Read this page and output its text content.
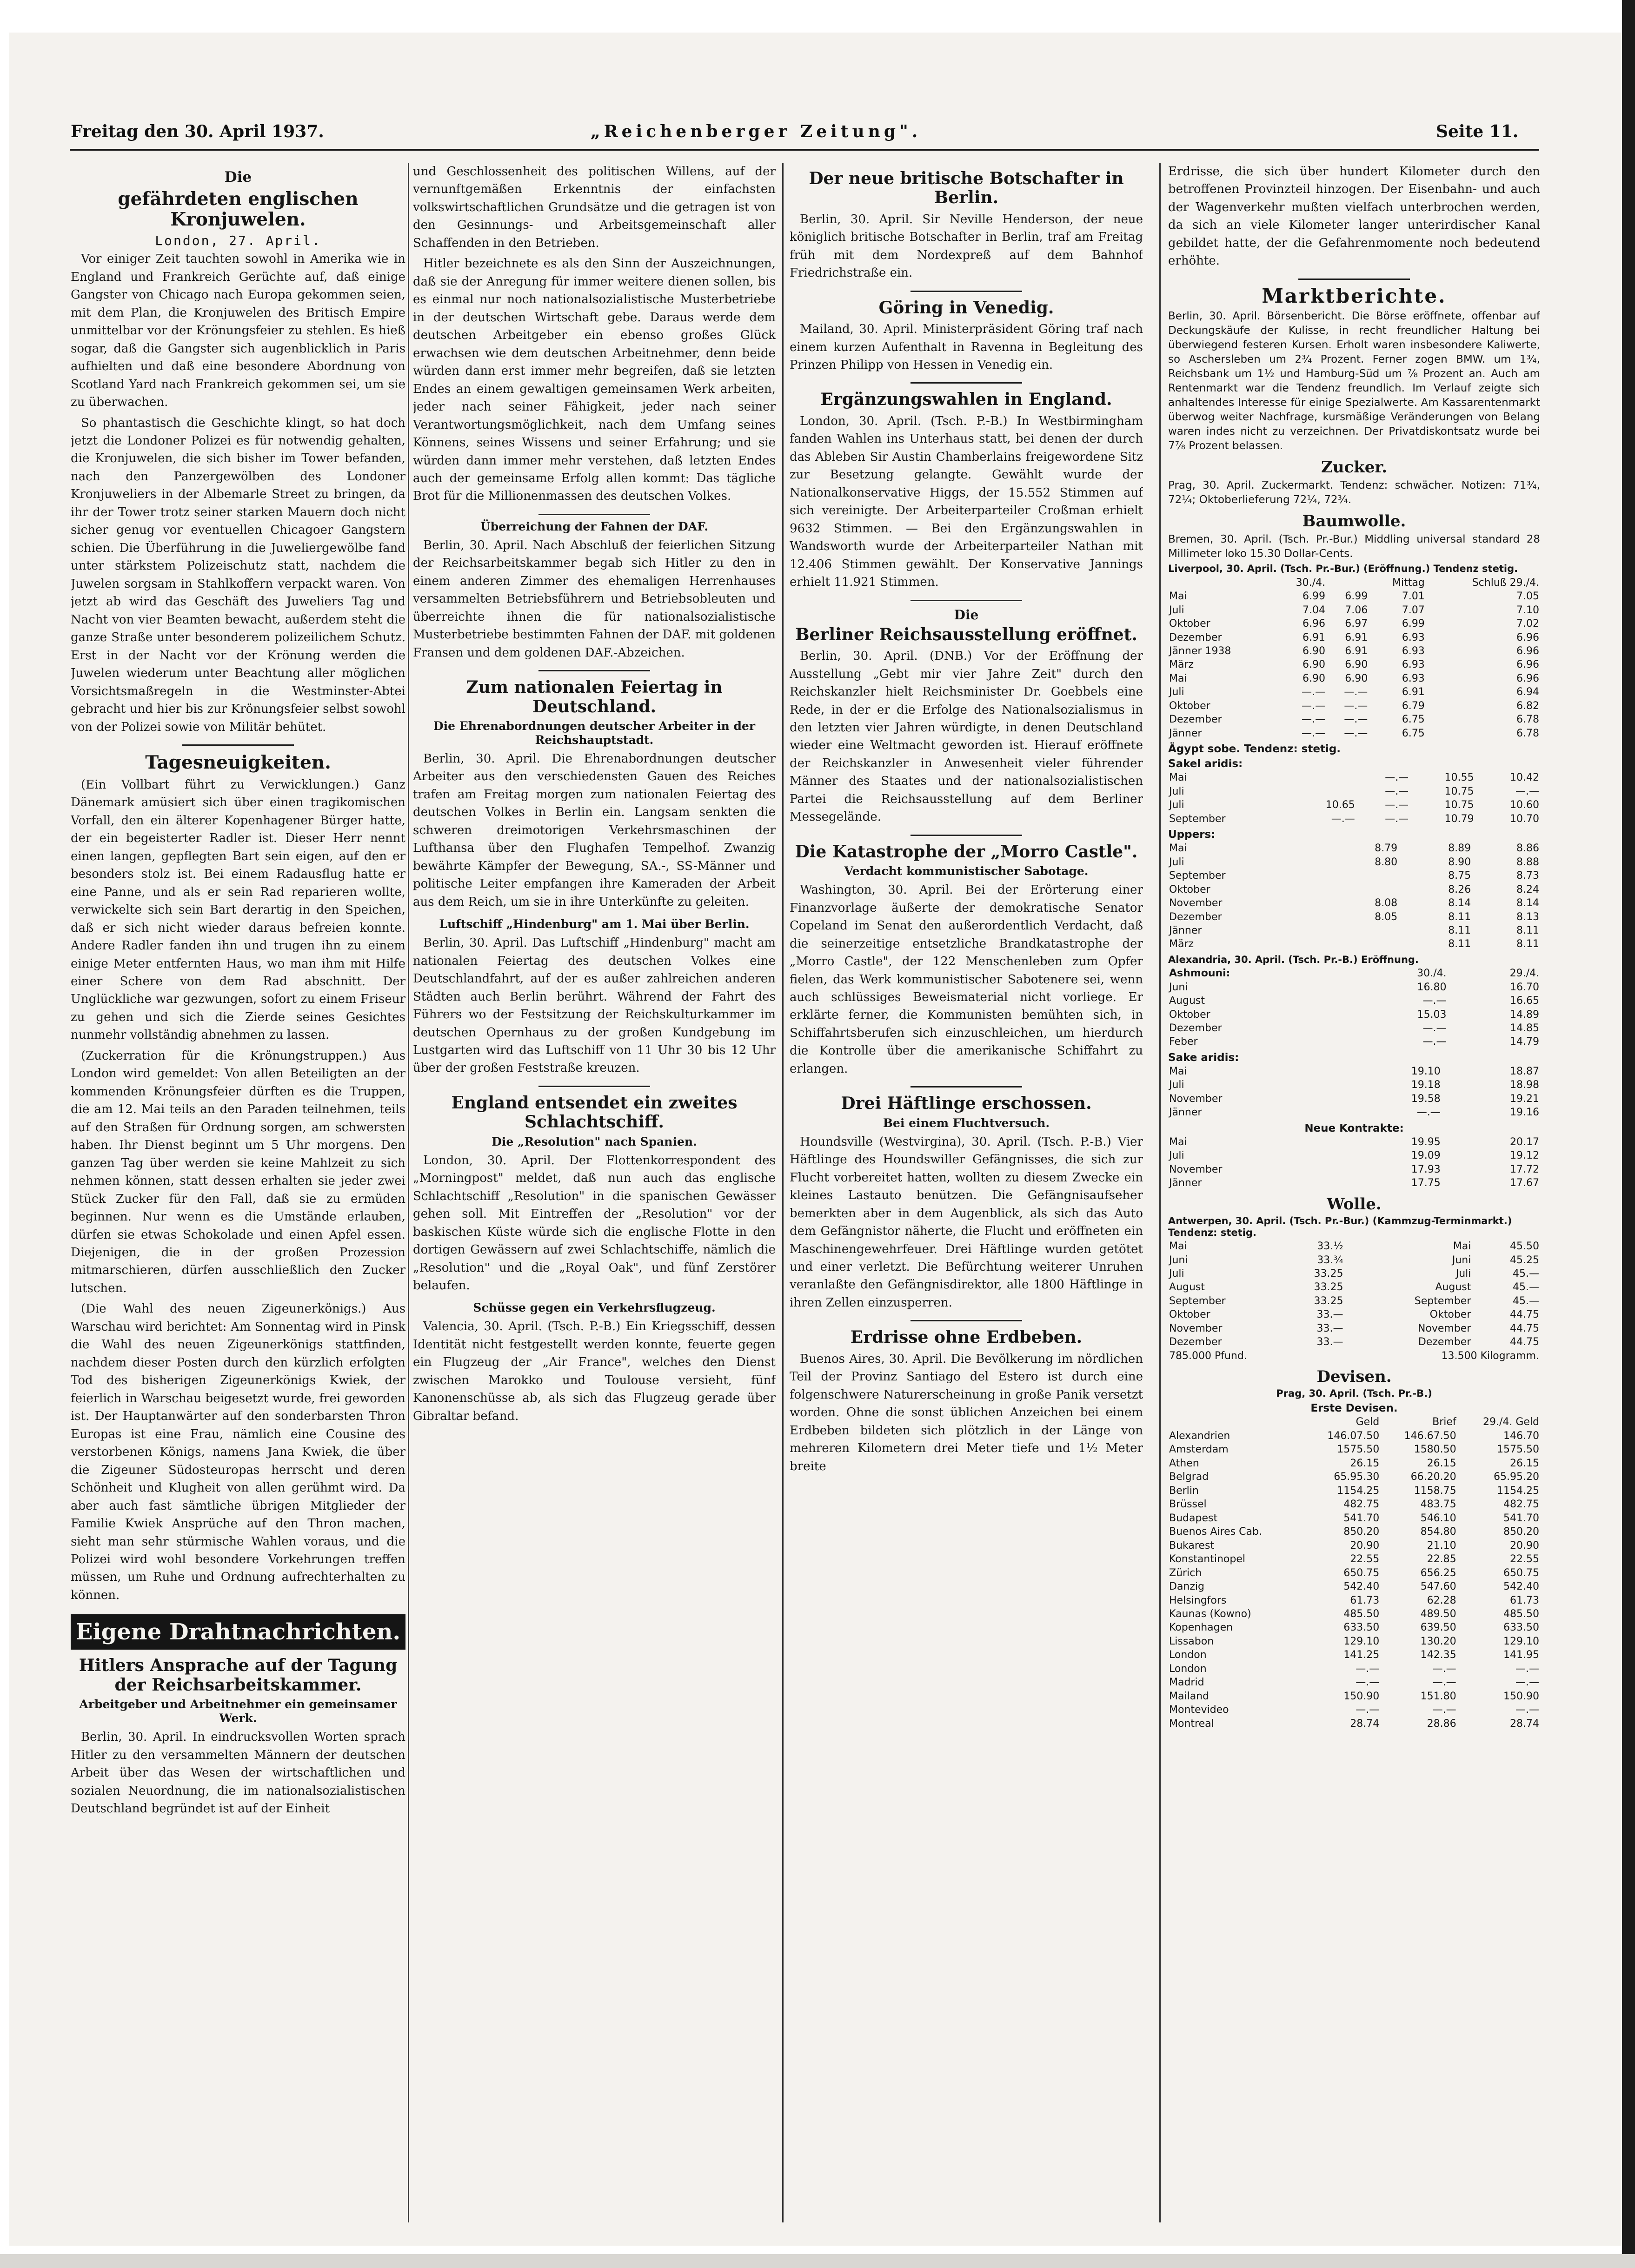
Freitag den 30. April 1937.	„Reichenberger Zeitung".	Seite 11.
Die
gefährdeten englischen Kronjuwelen.
London, 27. April.

Vor einiger Zeit tauchten sowohl in Amerika wie in England und Frankreich Gerüchte auf, daß einige Gangster von Chicago nach Europa gekommen seien, mit dem Plan, die Kronjuwelen des Britisch Empire unmittelbar vor der Krönungsfeier zu stehlen. Es hieß sogar, daß die Gangster sich augenblicklich in Paris aufhielten und daß eine besondere Abordnung von Scotland Yard nach Frankreich gekommen sei, um sie zu überwachen.

So phantastisch die Geschichte klingt, so hat doch jetzt die Londoner Polizei es für notwendig gehalten, die Kronjuwelen, die sich bisher im Tower befanden, nach den Panzergewölben des Londoner Kronjuweliers in der Albemarle Street zu bringen, da ihr der Tower trotz seiner starken Mauern doch nicht sicher genug vor eventuellen Chicagoer Gangstern schien. Die Überführung in die Juweliergewölbe fand unter stärkstem Polizeischutz statt, nachdem die Juwelen sorgsam in Stahlkoffern verpackt waren. Von jetzt ab wird das Geschäft des Juweliers Tag und Nacht von vier Beamten bewacht, außerdem steht die ganze Straße unter besonderem polizeilichem Schutz. Erst in der Nacht vor der Krönung werden die Juwelen wiederum unter Beachtung aller möglichen Vorsichtsmaßregeln in die Westminster-Abtei gebracht und hier bis zur Krönungsfeier selbst sowohl von der Polizei sowie von Militär behütet.

Tagesneuigkeiten.

(Ein Vollbart führt zu Verwicklungen.) Ganz Dänemark amüsiert sich über einen tragikomischen Vorfall, den ein älterer Kopenhagener Bürger hatte, der ein begeisterter Radler ist. Dieser Herr nennt einen langen, gepflegten Bart sein eigen, auf den er besonders stolz ist. Bei einem Radausflug hatte er eine Panne, und als er sein Rad reparieren wollte, verwickelte sich sein Bart derartig in den Speichen, daß er sich nicht wieder daraus befreien konnte. Andere Radler fanden ihn und trugen ihn zu einem einige Meter entfernten Haus, wo man ihm mit Hilfe einer Schere von dem Rad abschnitt. Der Unglückliche war gezwungen, sofort zu einem Friseur zu gehen und sich die Zierde seines Gesichtes nunmehr vollständig abnehmen zu lassen.

(Zuckerration für die Krönungstruppen.) Aus London wird gemeldet: Von allen Beteiligten an der kommenden Krönungsfeier dürften es die Truppen, die am 12. Mai teils an den Paraden teilnehmen, teils auf den Straßen für Ordnung sorgen, am schwersten haben. Ihr Dienst beginnt um 5 Uhr morgens. Den ganzen Tag über werden sie keine Mahlzeit zu sich nehmen können, statt dessen erhalten sie jeder zwei Stück Zucker für den Fall, daß sie zu ermüden beginnen. Nur wenn es die Umstände erlauben, dürfen sie etwas Schokolade und einen Apfel essen. Diejenigen, die in der großen Prozession mitmarschieren, dürfen ausschließlich den Zucker lutschen.

(Die Wahl des neuen Zigeunerkönigs.) Aus Warschau wird berichtet: Am Sonnentag wird in Pinsk die Wahl des neuen Zigeunerkönigs stattfinden, nachdem dieser Posten durch den kürzlich erfolgten Tod des bisherigen Zigeunerkönigs Kwiek, der feierlich in Warschau beigesetzt wurde, frei geworden ist. Der Hauptanwärter auf den sonderbarsten Thron Europas ist eine Frau, nämlich eine Cousine des verstorbenen Königs, namens Jana Kwiek, die über die Zigeuner Südosteuropas herrscht und deren Schönheit und Klugheit von allen gerühmt wird. Da aber auch fast sämtliche übrigen Mitglieder der Familie Kwiek Ansprüche auf den Thron machen, sieht man sehr stürmische Wahlen voraus, und die Polizei wird wohl besondere Vorkehrungen treffen müssen, um Ruhe und Ordnung aufrechterhalten zu können.

Eigene Drahtnachrichten.
Hitlers Ansprache auf der Tagung der Reichsarbeitskammer.
Arbeitgeber und Arbeitnehmer ein gemeinsamer Werk.

Berlin, 30. April. In eindrucksvollen Worten sprach Hitler zu den versammelten Männern der deutschen Arbeit über das Wesen der wirtschaftlichen und sozialen Neuordnung, die im nationalsozialistischen Deutschland begründet ist auf der Einheit

und Geschlossenheit des politischen Willens, auf der vernunftgemäßen Erkenntnis der einfachsten volkswirtschaftlichen Grundsätze und die getragen ist von den Gesinnungs- und Arbeitsgemeinschaft aller Schaffenden in den Betrieben.

Hitler bezeichnete es als den Sinn der Auszeichnungen, daß sie der Anregung für immer weitere dienen sollen, bis es einmal nur noch nationalsozialistische Musterbetriebe in der deutschen Wirtschaft gebe. Daraus werde dem deutschen Arbeitgeber ein ebenso großes Glück erwachsen wie dem deutschen Arbeitnehmer, denn beide würden dann erst immer mehr begreifen, daß sie letzten Endes an einem gewaltigen gemeinsamen Werk arbeiten, jeder nach seiner Fähigkeit, jeder nach seiner Verantwortungsmöglichkeit, nach dem Umfang seines Könnens, seines Wissens und seiner Erfahrung; und sie würden dann immer mehr verstehen, daß letzten Endes auch der gemeinsame Erfolg allen kommt: Das tägliche Brot für die Millionenmassen des deutschen Volkes.

Überreichung der Fahnen der DAF.

Berlin, 30. April. Nach Abschluß der feierlichen Sitzung der Reichsarbeitskammer begab sich Hitler zu den in einem anderen Zimmer des ehemaligen Herrenhauses versammelten Betriebsführern und Betriebsobleuten und überreichte ihnen die für nationalsozialistische Musterbetriebe bestimmten Fahnen der DAF. mit goldenen Fransen und dem goldenen DAF.-Abzeichen.

Zum nationalen Feiertag in Deutschland.
Die Ehrenabordnungen deutscher Arbeiter in der Reichshauptstadt.

Berlin, 30. April. Die Ehrenabordnungen deutscher Arbeiter aus den verschiedensten Gauen des Reiches trafen am Freitag morgen zum nationalen Feiertag des deutschen Volkes in Berlin ein. Langsam senkten die schweren dreimotorigen Verkehrsmaschinen der Lufthansa über den Flughafen Tempelhof. Zwanzig bewährte Kämpfer der Bewegung, SA.-, SS-Männer und politische Leiter empfangen ihre Kameraden der Arbeit aus dem Reich, um sie in ihre Unterkünfte zu geleiten.

Luftschiff „Hindenburg" am 1. Mai über Berlin.

Berlin, 30. April. Das Luftschiff „Hindenburg" macht am nationalen Feiertag des deutschen Volkes eine Deutschlandfahrt, auf der es außer zahlreichen anderen Städten auch Berlin berührt. Während der Fahrt des Führers wo der Festsitzung der Reichskulturkammer im deutschen Opernhaus zu der großen Kundgebung im Lustgarten wird das Luftschiff von 11 Uhr 30 bis 12 Uhr über der großen Feststraße kreuzen.

England entsendet ein zweites Schlachtschiff.
Die „Resolution" nach Spanien.

London, 30. April. Der Flottenkorrespondent des „Morningpost" meldet, daß nun auch das englische Schlachtschiff „Resolution" in die spanischen Gewässer gehen soll. Mit Eintreffen der „Resolution" vor der baskischen Küste würde sich die englische Flotte in den dortigen Gewässern auf zwei Schlachtschiffe, nämlich die „Resolution" und die „Royal Oak", und fünf Zerstörer belaufen.

Schüsse gegen ein Verkehrsflugzeug.

Valencia, 30. April. (Tsch. P.-B.) Ein Kriegsschiff, dessen Identität nicht festgestellt werden konnte, feuerte gegen ein Flugzeug der „Air France", welches den Dienst zwischen Marokko und Toulouse versieht, fünf Kanonenschüsse ab, als sich das Flugzeug gerade über Gibraltar befand.

Der neue britische Botschafter in Berlin.

Berlin, 30. April. Sir Neville Henderson, der neue königlich britische Botschafter in Berlin, traf am Freitag früh mit dem Nordexpreß auf dem Bahnhof Friedrichstraße ein.

Göring in Venedig.

Mailand, 30. April. Ministerpräsident Göring traf nach einem kurzen Aufenthalt in Ravenna in Begleitung des Prinzen Philipp von Hessen in Venedig ein.

Ergänzungswahlen in England.

London, 30. April. (Tsch. P.-B.) In Westbirmingham fanden Wahlen ins Unterhaus statt, bei denen der durch das Ableben Sir Austin Chamberlains freigewordene Sitz zur Besetzung gelangte. Gewählt wurde der Nationalkonservative Higgs, der 15.552 Stimmen auf sich vereinigte. Der Arbeiterparteiler Croßman erhielt 9632 Stimmen. — Bei den Ergänzungswahlen in Wandsworth wurde der Arbeiterparteiler Nathan mit 12.406 Stimmen gewählt. Der Konservative Jannings erhielt 11.921 Stimmen.

Die
Berliner Reichsausstellung eröffnet.

Berlin, 30. April. (DNB.) Vor der Eröffnung der Ausstellung „Gebt mir vier Jahre Zeit" durch den Reichskanzler hielt Reichsminister Dr. Goebbels eine Rede, in der er die Erfolge des Nationalsozialismus in den letzten vier Jahren würdigte, in denen Deutschland wieder eine Weltmacht geworden ist. Hierauf eröffnete der Reichskanzler in Anwesenheit vieler führender Männer des Staates und der nationalsozialistischen Partei die Reichsausstellung auf dem Berliner Messegelände.

Die Katastrophe der „Morro Castle".
Verdacht kommunistischer Sabotage.

Washington, 30. April. Bei der Erörterung einer Finanzvorlage äußerte der demokratische Senator Copeland im Senat den außerordentlich Verdacht, daß die seinerzeitige entsetzliche Brandkatastrophe der „Morro Castle", der 122 Menschenleben zum Opfer fielen, das Werk kommunistischer Sabotenere sei, wenn auch schlüssiges Beweismaterial nicht vorliege. Er erklärte ferner, die Kommunisten bemühten sich, in Schiffahrtsberufen sich einzuschleichen, um hierdurch die Kontrolle über die amerikanische Schiffahrt zu erlangen.

Drei Häftlinge erschossen.
Bei einem Fluchtversuch.

Houndsville (Westvirgina), 30. April. (Tsch. P.-B.) Vier Häftlinge des Houndswiller Gefängnisses, die sich zur Flucht vorbereitet hatten, wollten zu diesem Zwecke ein kleines Lastauto benützen. Die Gefängnisaufseher bemerkten aber in dem Augenblick, als sich das Auto dem Gefängnistor näherte, die Flucht und eröffneten ein Maschinengewehrfeuer. Drei Häftlinge wurden getötet und einer verletzt. Die Befürchtung weiterer Unruhen veranlaßte den Gefängnisdirektor, alle 1800 Häftlinge in ihren Zellen einzusperren.

Erdrisse ohne Erdbeben.

Buenos Aires, 30. April. Die Bevölkerung im nördlichen Teil der Provinz Santiago del Estero ist durch eine folgenschwere Naturerscheinung in große Panik versetzt worden. Ohne die sonst üblichen Anzeichen bei einem Erdbeben bildeten sich plötzlich in der Länge von mehreren Kilometern drei Meter tiefe und 1½ Meter breite

Erdrisse, die sich über hundert Kilometer durch den betroffenen Provinzteil hinzogen. Der Eisenbahn- und auch der Wagenverkehr mußten vielfach unterbrochen werden, da sich an viele Kilometer langer unterirdischer Kanal gebildet hatte, der die Gefahrenmomente noch bedeutend erhöhte.

Marktberichte.

Berlin, 30. April. Börsenbericht. Die Börse eröffnete, offenbar auf Deckungskäufe der Kulisse, in recht freundlicher Haltung bei überwiegend festeren Kursen. Erholt waren insbesondere Kaliwerte, so Aschersleben um 2¾ Prozent. Ferner zogen BMW. um 1¾, Reichsbank um 1½ und Hamburg-Süd um ⅞ Prozent an. Auch am Rentenmarkt war die Tendenz freundlich. Im Verlauf zeigte sich anhaltendes Interesse für einige Spezialwerte. Am Kassarentenmarkt überwog weiter Nachfrage, kursmäßige Veränderungen von Belang waren indes nicht zu verzeichnen. Der Privatdiskontsatz wurde bei 7⅞ Prozent belassen.

Zucker.

Prag, 30. April. Zuckermarkt. Tendenz: schwächer. Notizen: 71¾, 72¼; Oktoberlieferung 72¼, 72¾.

Baumwolle.

Bremen, 30. April. (Tsch. Pr.-Bur.) Middling universal standard 28 Millimeter loko 15.30 Dollar-Cents.

Liverpool, 30. April. (Tsch. Pr.-Bur.) (Eröffnung.) Tendenz stetig.
	30./4.		Mittag	Schluß 29./4.
Mai	6.99	6.99	7.01	7.05
Juli	7.04	7.06	7.07	7.10
Oktober	6.96	6.97	6.99	7.02
Dezember	6.91	6.91	6.93	6.96
Jänner 1938	6.90	6.91	6.93	6.96
März	6.90	6.90	6.93	6.96
Mai	6.90	6.90	6.93	6.96
Juli	—.—	—.—	6.91	6.94
Oktober	—.—	—.—	6.79	6.82
Dezember	—.—	—.—	6.75	6.78
Jänner	—.—	—.—	6.75	6.78
Ägypt sobe. Tendenz: stetig.
Sakel aridis:
Mai		—.—	10.55	10.42
Juli		—.—	10.75	—.—
Juli	10.65	—.—	10.75	10.60
September	—.—	—.—	10.79	10.70
Uppers:
Mai	8.79		8.89	8.86
Juli	8.80		8.90	8.88
September			8.75	8.73
Oktober			8.26	8.24
November	8.08		8.14	8.14
Dezember	8.05		8.11	8.13
Jänner			8.11	8.11
März			8.11	8.11
Alexandria, 30. April. (Tsch. Pr.-B.) Eröffnung.
Ashmouni:	30./4.	29./4.
Juni	16.80	16.70
August	—.—	16.65
Oktober	15.03	14.89
Dezember	—.—	14.85
Feber	—.—	14.79
Sake aridis:
Mai	19.10	18.87
Juli	19.18	18.98
November	19.58	19.21
Jänner	—.—	19.16
Neue Kontrakte:
Mai	19.95	20.17
Juli	19.09	19.12
November	17.93	17.72
Jänner	17.75	17.67
Wolle.
Antwerpen, 30. April. (Tsch. Pr.-Bur.) (Kammzug-Terminmarkt.) Tendenz: stetig.
Mai	33.½	Mai	45.50
Juni	33.¾	Juni	45.25
Juli	33.25	Juli	45.—
August	33.25	August	45.—
September	33.25	September	45.—
Oktober	33.—	Oktober	44.75
November	33.—	November	44.75
Dezember	33.—	Dezember	44.75
785.000 Pfund.		13.500 Kilogramm.	
Devisen.
Prag, 30. April. (Tsch. Pr.-B.)
Erste Devisen.
	Geld	Brief	29./4. Geld
Alexandrien	146.07.50	146.67.50	146.70
Amsterdam	1575.50	1580.50	1575.50
Athen	26.15	26.15	26.15
Belgrad	65.95.30	66.20.20	65.95.20
Berlin	1154.25	1158.75	1154.25
Brüssel	482.75	483.75	482.75
Budapest	541.70	546.10	541.70
Buenos Aires Cab.	850.20	854.80	850.20
Bukarest	20.90	21.10	20.90
Konstantinopel	22.55	22.85	22.55
Zürich	650.75	656.25	650.75
Danzig	542.40	547.60	542.40
Helsingfors	61.73	62.28	61.73
Kaunas (Kowno)	485.50	489.50	485.50
Kopenhagen	633.50	639.50	633.50
Lissabon	129.10	130.20	129.10
London	141.25	142.35	141.95
London	—.—	—.—	—.—
Madrid	—.—	—.—	—.—
Mailand	150.90	151.80	150.90
Montevideo	—.—	—.—	—.—
Montreal	28.74	28.86	28.74
